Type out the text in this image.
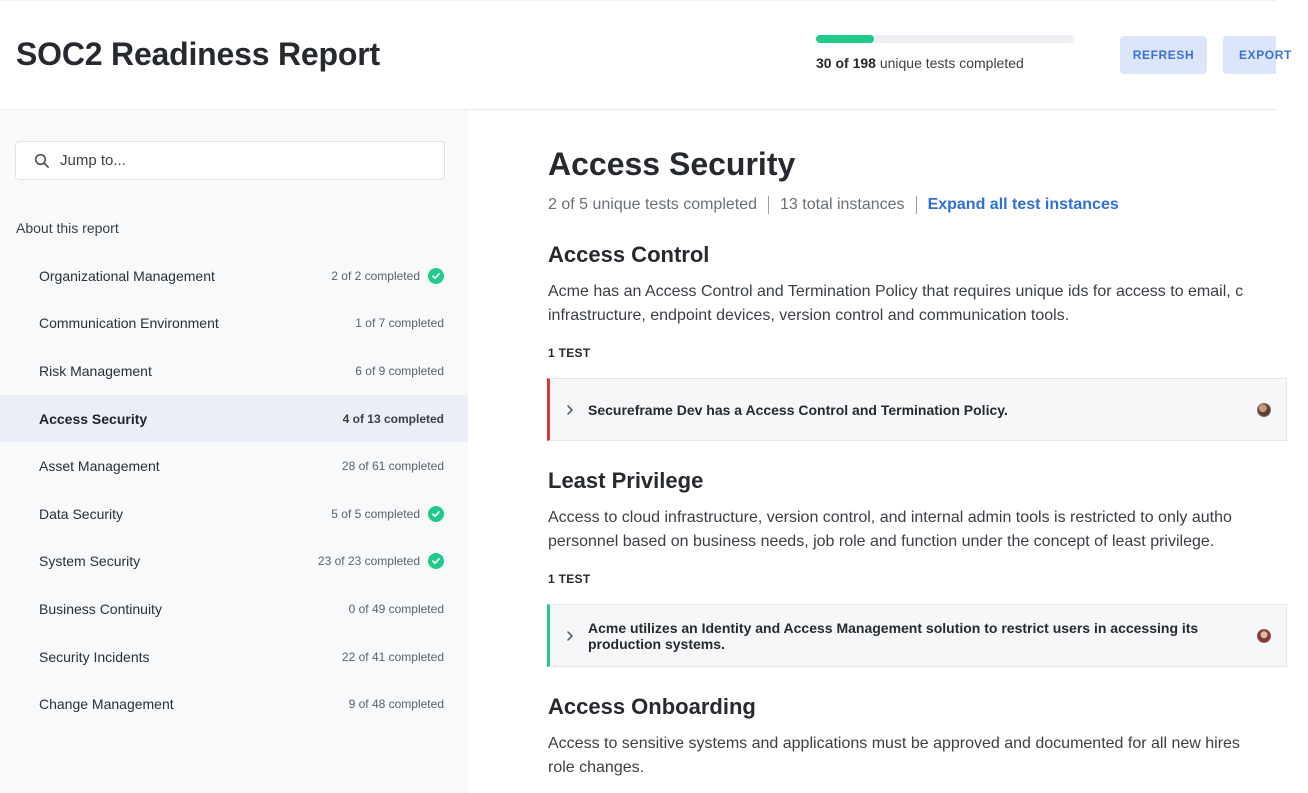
SOC2 Readiness Report	30 of 198 unique tests completed	REFRESH	EXPORT
Jump to...
About this report
Organizational Management	2 of 2 completed
Communication Environment	1 of 7 completed
Risk Management	6 of 9 completed
Access Security	4 of 13 completed
Asset Management	28 of 61 completed
Data Security	5 of 5 completed
System Security	23 of 23 completed
Business Continuity	0 of 49 completed
Security Incidents	22 of 41 completed
Change Management	9 of 48 completed
Access Security
2 of 5 unique tests completed 13 total instances Expand all test instances
Access Control
Acme has an Access Control and Termination Policy that requires unique ids for access to email, c
infrastructure, endpoint devices, version control and communication tools.
1 TEST
Secureframe Dev has a Access Control and Termination Policy.
Least Privilege
Access to cloud infrastructure, version control, and internal admin tools is restricted to only autho
personnel based on business needs, job role and function under the concept of least privilege.
1 TEST
Acme utilizes an Identity and Access Management solution to restrict users in accessing its production systems.
Access Onboarding
Access to sensitive systems and applications must be approved and documented for all new hires
role changes.
